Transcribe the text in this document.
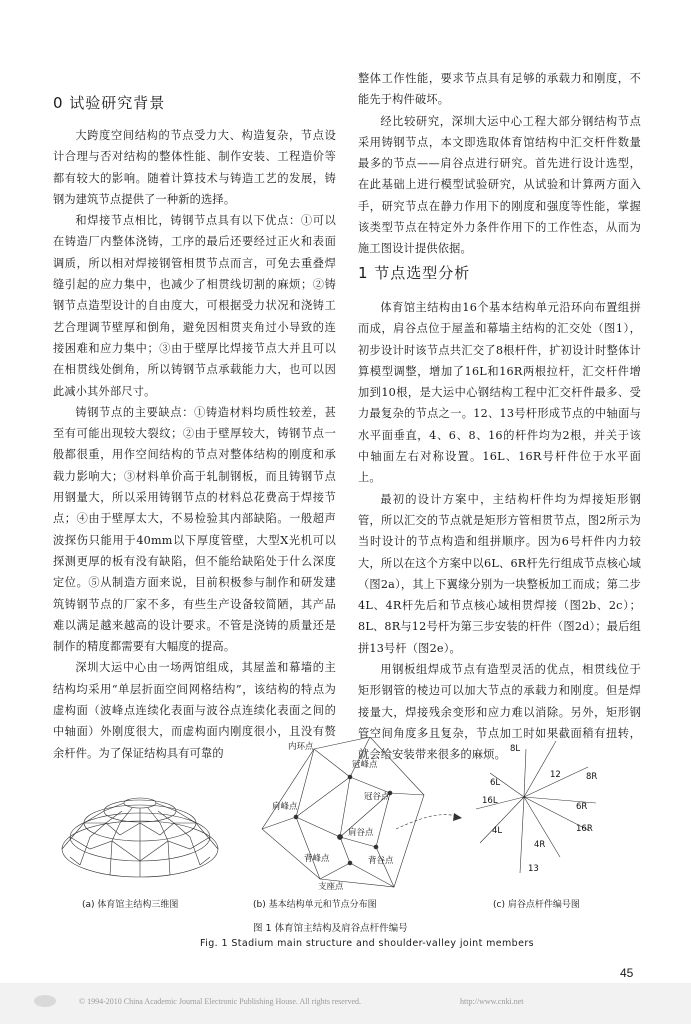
0 试验研究背景

大跨度空间结构的节点受力大、构造复杂，节点设计合理与否对结构的整体性能、制作安装、工程造价等都有较大的影响。随着计算技术与铸造工艺的发展，铸钢为建筑节点提供了一种新的选择。

和焊接节点相比，铸钢节点具有以下优点：①可以在铸造厂内整体浇铸，工序的最后还要经过正火和表面调质，所以相对焊接钢管相贯节点而言，可免去重叠焊缝引起的应力集中，也减少了相贯线切割的麻烦；②铸钢节点造型设计的自由度大，可根据受力状况和浇铸工艺合理调节壁厚和倒角，避免因相贯夹角过小导致的连接困难和应力集中；③由于壁厚比焊接节点大并且可以在相贯线处倒角，所以铸钢节点承载能力大，也可以因此减小其外部尺寸。

铸钢节点的主要缺点：①铸造材料均质性较差，甚至有可能出现较大裂纹；②由于壁厚较大，铸钢节点一般都很重，用作空间结构的节点对整体结构的刚度和承载力影响大；③材料单价高于轧制钢板，而且铸钢节点用钢量大，所以采用铸钢节点的材料总花费高于焊接节点；④由于壁厚太大，不易检验其内部缺陷。一般超声波探伤只能用于40mm以下厚度管壁，大型X光机可以探测更厚的板有没有缺陷，但不能给缺陷处于什么深度定位。⑤从制造方面来说，目前积极参与制作和研发建筑铸钢节点的厂家不多，有些生产设备较简陋，其产品难以满足越来越高的设计要求。不管是浇铸的质量还是制作的精度都需要有大幅度的提高。

深圳大运中心由一场两馆组成，其屋盖和幕墙的主结构均采用“单层折面空间网格结构”，该结构的特点为虚构面（波峰点连续化表面与波谷点连续化表面之间的中轴面）外刚度很大，而虚构面内刚度很小，且没有赘余杆件。为了保证结构具有可靠的

整体工作性能，要求节点具有足够的承载力和刚度，不能先于构件破坏。

经比较研究，深圳大运中心工程大部分钢结构节点采用铸钢节点，本文即选取体育馆结构中汇交杆件数量最多的节点——肩谷点进行研究。首先进行设计选型，在此基础上进行模型试验研究，从试验和计算两方面入手，研究节点在静力作用下的刚度和强度等性能，掌握该类型节点在特定外力条件作用下的工作性态，从而为施工图设计提供依据。

1 节点选型分析

体育馆主结构由16个基本结构单元沿环向布置组拼而成，肩谷点位于屋盖和幕墙主结构的汇交处（图1），初步设计时该节点共汇交了8根杆件，扩初设计时整体计算模型调整，增加了16L和16R两根拉杆，汇交杆件增加到10根，是大运中心钢结构工程中汇交杆件最多、受力最复杂的节点之一。12、13号杆形成节点的中轴面与水平面垂直，4、6、8、16的杆件均为2根，并关于该中轴面左右对称设置。16L、16R号杆件位于水平面上。

最初的设计方案中，主结构杆件均为焊接矩形钢管，所以汇交的节点就是矩形方管相贯节点，图2所示为当时设计的节点构造和组拼顺序。因为6号杆件内力较大，所以在这个方案中以6L、6R杆先行组成节点核心域（图2a），其上下翼缘分别为一块整板加工而成；第二步4L、4R杆先后和节点核心域相贯焊接（图2b、2c）；8L、8R与12号杆为第三步安装的杆件（图2d）；最后组拼13号杆（图2e）。

用钢板组焊成节点有造型灵活的优点，相贯线位于矩形钢管的棱边可以加大节点的承载力和刚度。但是焊接量大，焊接残余变形和应力难以消除。另外，矩形钢管空间角度多且复杂，节点加工时如果截面稍有扭转，就会给安装带来很多的麻烦。

内环点
冠峰点
冠谷点
肩峰点
肩谷点
背峰点	背谷点
支座点
8L
12	8R
6L
6R
16L
16R
4L
4R
13
(a) 体育馆主结构三维图	(b) 基本结构单元和节点分布图	(c) 肩谷点杆件编号图
图 1 体育馆主结构及肩谷点杆件编号
Fig. 1 Stadium main structure and shoulder-valley joint members
45
© 1994-2010 China Academic Journal Electronic Publishing House. All rights reserved.	http://www.cnki.net
